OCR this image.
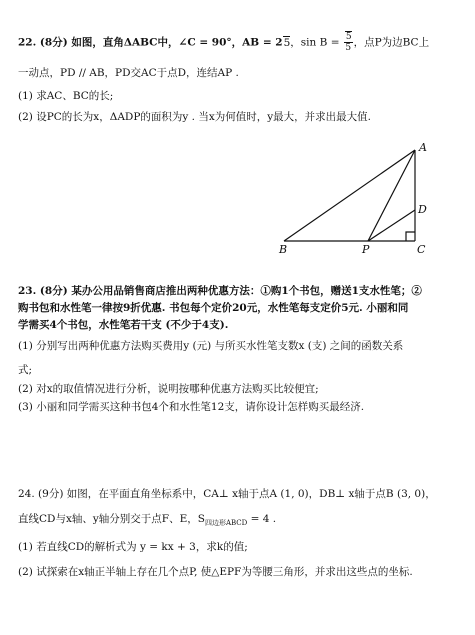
22. (8分) 如图，直角ΔABC中，∠C = 90°，AB = 25，$\sin B = \frac{5}{5}$ ，点P为边BC上
一动点，PD // AB，PD交AC于点D，连结AP .
(1) 求AC、BC的长;
(2) 设PC的长为x，ΔADP的面积为y . 当x为何值时，y最大，并求出最大值.
A
B	C
D
P
23. (8分) 某办公用品销售商店推出两种优惠方法：①购1个书包，赠送1支水性笔；②
购书包和水性笔一律按9折优惠. 书包每个定价20元，水性笔每支定价5元. 小丽和同
学需买4个书包，水性笔若干支 (不少于4支).
(1) 分别写出两种优惠方法购买费用y (元) 与所买水性笔支数x (支) 之间的函数关系
式;
(2) 对x的取值情况进行分析，说明按哪种优惠方法购买比较便宜;
(3) 小丽和同学需买这种书包4个和水性笔12支，请你设计怎样购买最经济.
24. (9分) 如图，在平面直角坐标系中，CA⊥ x轴于点A (1, 0)，DB⊥ x轴于点B (3, 0)，
直线CD与x轴、y轴分别交于点F、E，$S_{四边形ABCD} = 4$ .
(1) 若直线CD的解析式为 y = kx + 3，求k的值;
(2) 试探索在x轴正半轴上存在几个点P, 使△EPF为等腰三角形，并求出这些点的坐标.
